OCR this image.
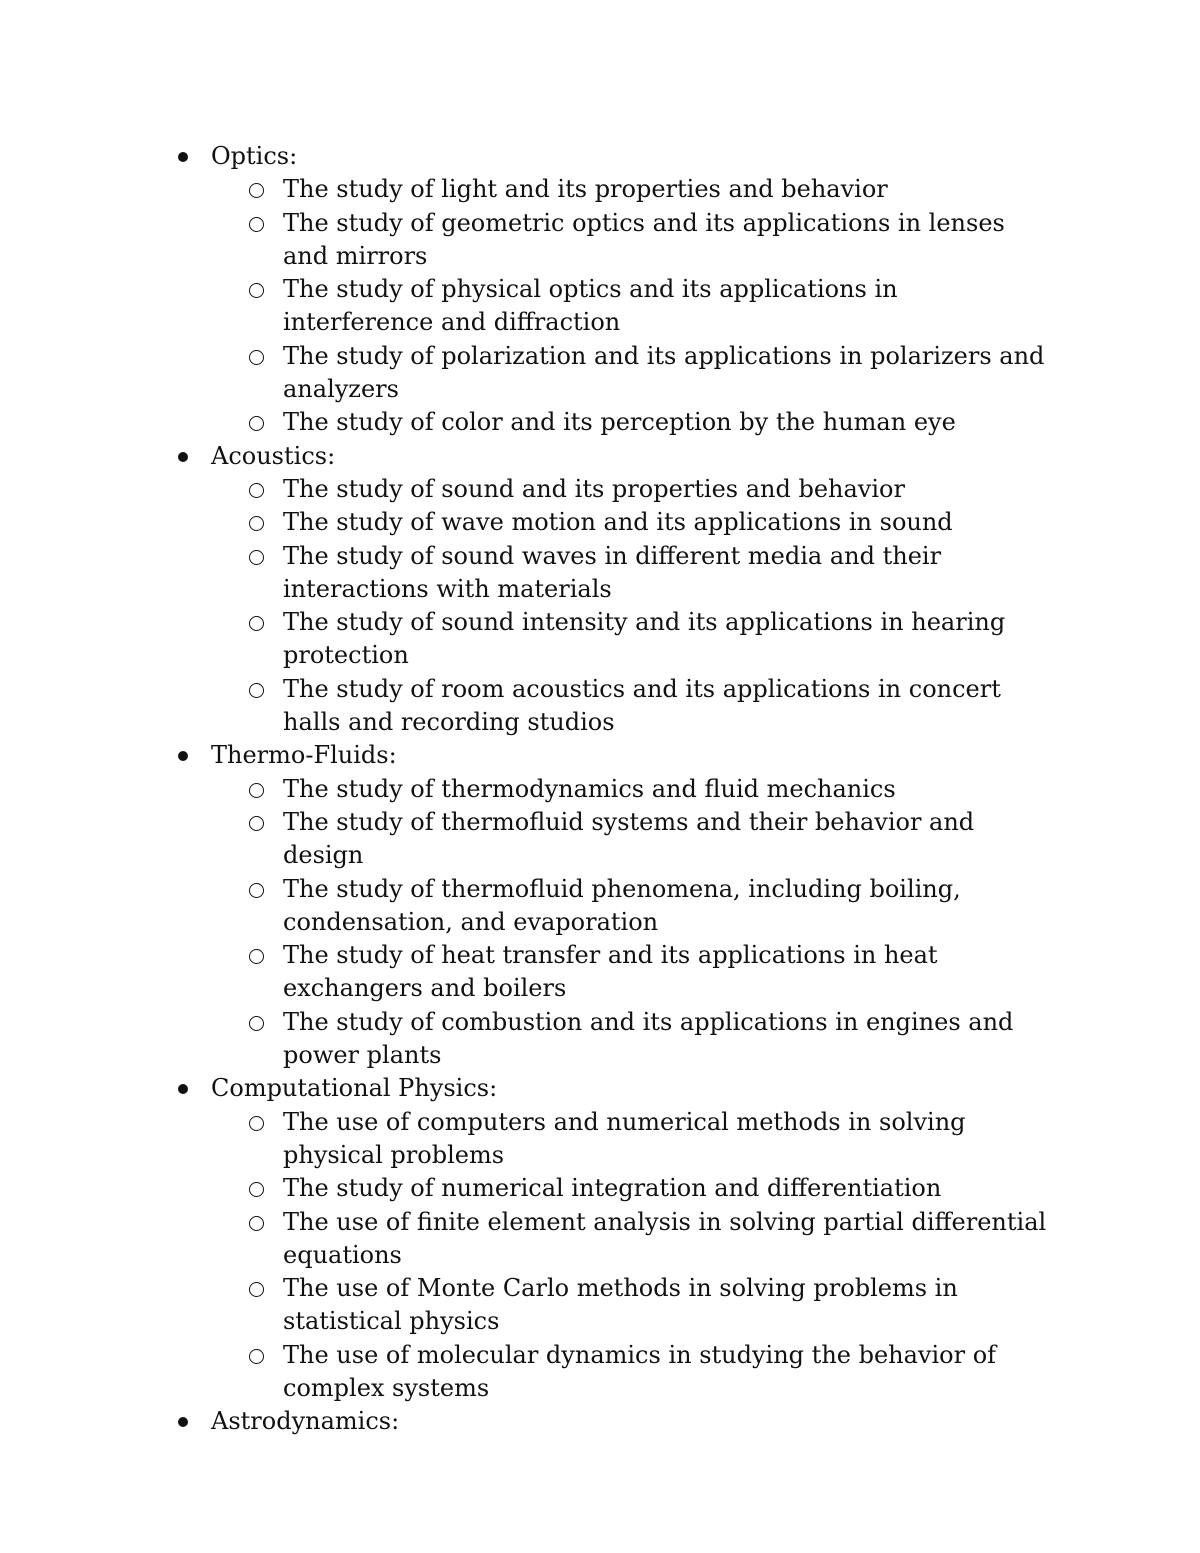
Optics:
The study of light and its properties and behavior
The study of geometric optics and its applications in lenses and mirrors
The study of physical optics and its applications in interference and diffraction
The study of polarization and its applications in polarizers and analyzers
The study of color and its perception by the human eye
Acoustics:
The study of sound and its properties and behavior
The study of wave motion and its applications in sound
The study of sound waves in different media and their interactions with materials
The study of sound intensity and its applications in hearing protection
The study of room acoustics and its applications in concert halls and recording studios
Thermo-Fluids:
The study of thermodynamics and fluid mechanics
The study of thermofluid systems and their behavior and design
The study of thermofluid phenomena, including boiling, condensation, and evaporation
The study of heat transfer and its applications in heat exchangers and boilers
The study of combustion and its applications in engines and power plants
Computational Physics:
The use of computers and numerical methods in solving physical problems
The study of numerical integration and differentiation
The use of finite element analysis in solving partial differential equations
The use of Monte Carlo methods in solving problems in statistical physics
The use of molecular dynamics in studying the behavior of complex systems
Astrodynamics:
